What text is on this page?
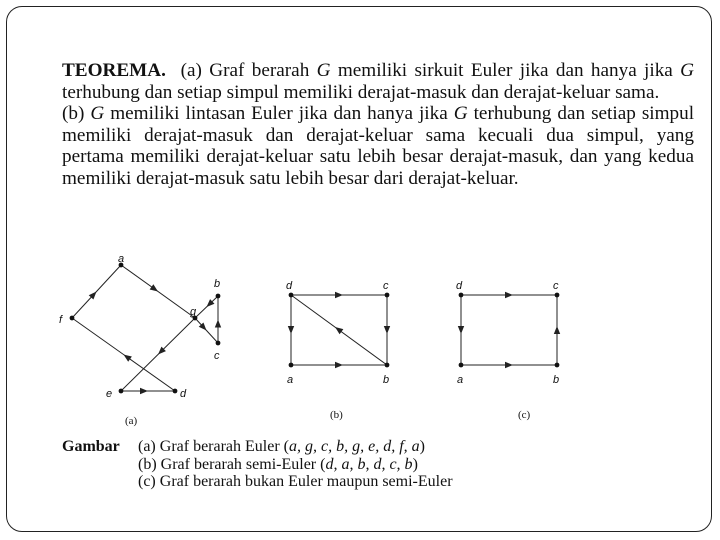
TEOREMA. (a) Graf berarah G memiliki sirkuit Euler jika dan hanya jika G terhubung dan setiap simpul memiliki derajat-masuk dan derajat-keluar sama.

(b) G memiliki lintasan Euler jika dan hanya jika G terhubung dan setiap simpul memiliki derajat-masuk dan derajat-keluar sama kecuali dua simpul, yang pertama memiliki derajat-keluar satu lebih besar derajat-masuk, dan yang kedua memiliki derajat-masuk satu lebih besar dari derajat-keluar.

a
b
g
c
f
e	d
(a)
d	c
a	b
(b)
d	c
a	b
(c)
Gambar	(a) Graf berarah Euler (a, g, c, b, g, e, d, f, a)
(b) Graf berarah semi-Euler (d, a, b, d, c, b)
(c) Graf berarah bukan Euler maupun semi-Euler
